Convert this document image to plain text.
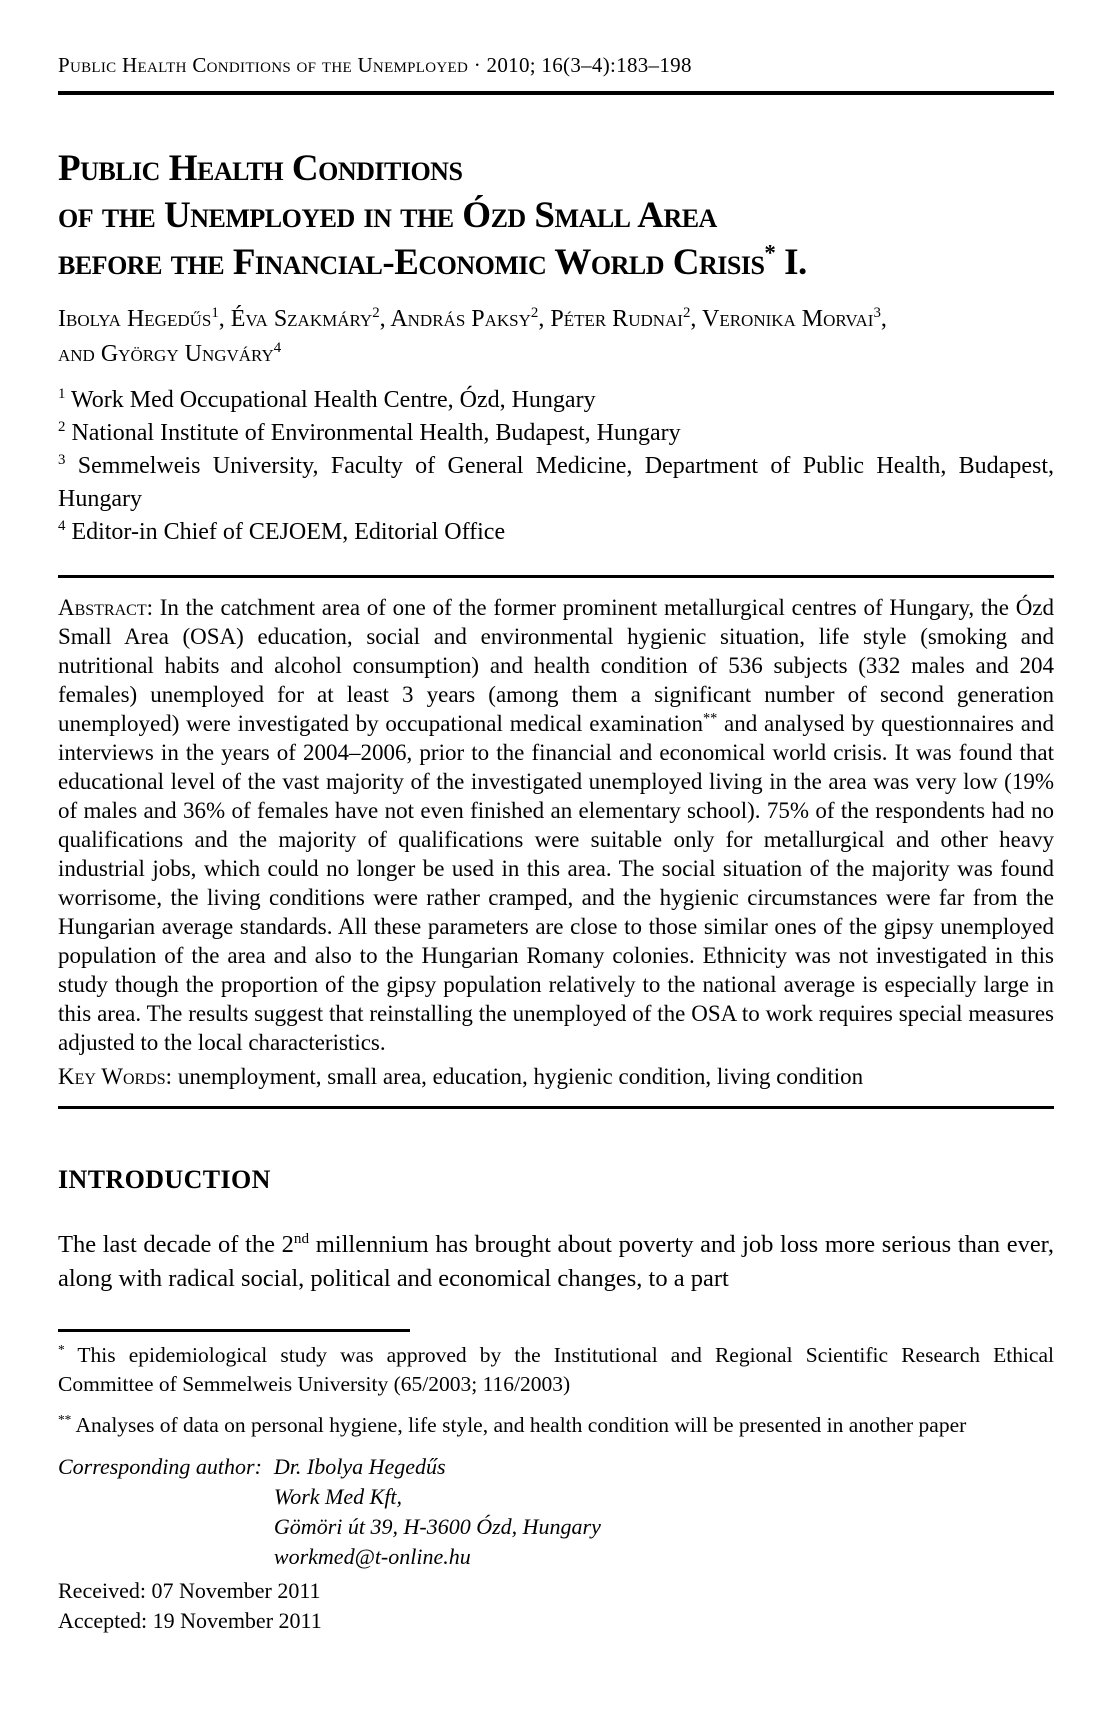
Public Health Conditions of the Unemployed · 2010; 16(3–4):183–198
Public Health Conditions
of the Unemployed in the Ózd Small Area
before the Financial-Economic World Crisis* I.
Ibolya Hegedűs$^1$, Éva Szakmáry$^2$, András Paksy$^2$, Péter Rudnai$^2$, Veronika Morvai$^3$,
and György Ungváry$^4$
$^1$ Work Med Occupational Health Centre, Ózd, Hungary
$^2$ National Institute of Environmental Health, Budapest, Hungary
$^3$ Semmelweis University, Faculty of General Medicine, Department of Public Health, Budapest, Hungary
$^4$ Editor-in Chief of CEJOEM, Editorial Office

Abstract: In the catchment area of one of the former prominent metallurgical centres of Hungary, the Ózd Small Area (OSA) education, social and environmental hygienic situation, life style (smoking and nutritional habits and alcohol consumption) and health condition of 536 subjects (332 males and 204 females) unemployed for at least 3 years (among them a significant number of second generation unemployed) were investigated by occupational medical examination** and analysed by questionnaires and interviews in the years of 2004–2006, prior to the financial and economical world crisis. It was found that educational level of the vast majority of the investigated unemployed living in the area was very low (19% of males and 36% of females have not even finished an elementary school). 75% of the respondents had no qualifications and the majority of qualifications were suitable only for metallurgical and other heavy industrial jobs, which could no longer be used in this area. The social situation of the majority was found worrisome, the living conditions were rather cramped, and the hygienic circumstances were far from the Hungarian average standards. All these parameters are close to those similar ones of the gipsy unemployed population of the area and also to the Hungarian Romany colonies. Ethnicity was not investigated in this study though the proportion of the gipsy population relatively to the national average is especially large in this area. The results suggest that reinstalling the unemployed of the OSA to work requires special measures adjusted to the local characteristics.

Key Words: unemployment, small area, education, hygienic condition, living condition

INTRODUCTION

The last decade of the 2nd millennium has brought about poverty and job loss more serious than ever, along with radical social, political and economical changes, to a part

* This epidemiological study was approved by the Institutional and Regional Scientific Research Ethical Committee of Semmelweis University (65/2003; 116/2003)

** Analyses of data on personal hygiene, life style, and health condition will be presented in another paper

Corresponding author: Dr. Ibolya Hegedűs
Work Med Kft,
Gömöri út 39, H-3600 Ózd, Hungary
workmed@t-online.hu
Received: 07 November 2011
Accepted: 19 November 2011
